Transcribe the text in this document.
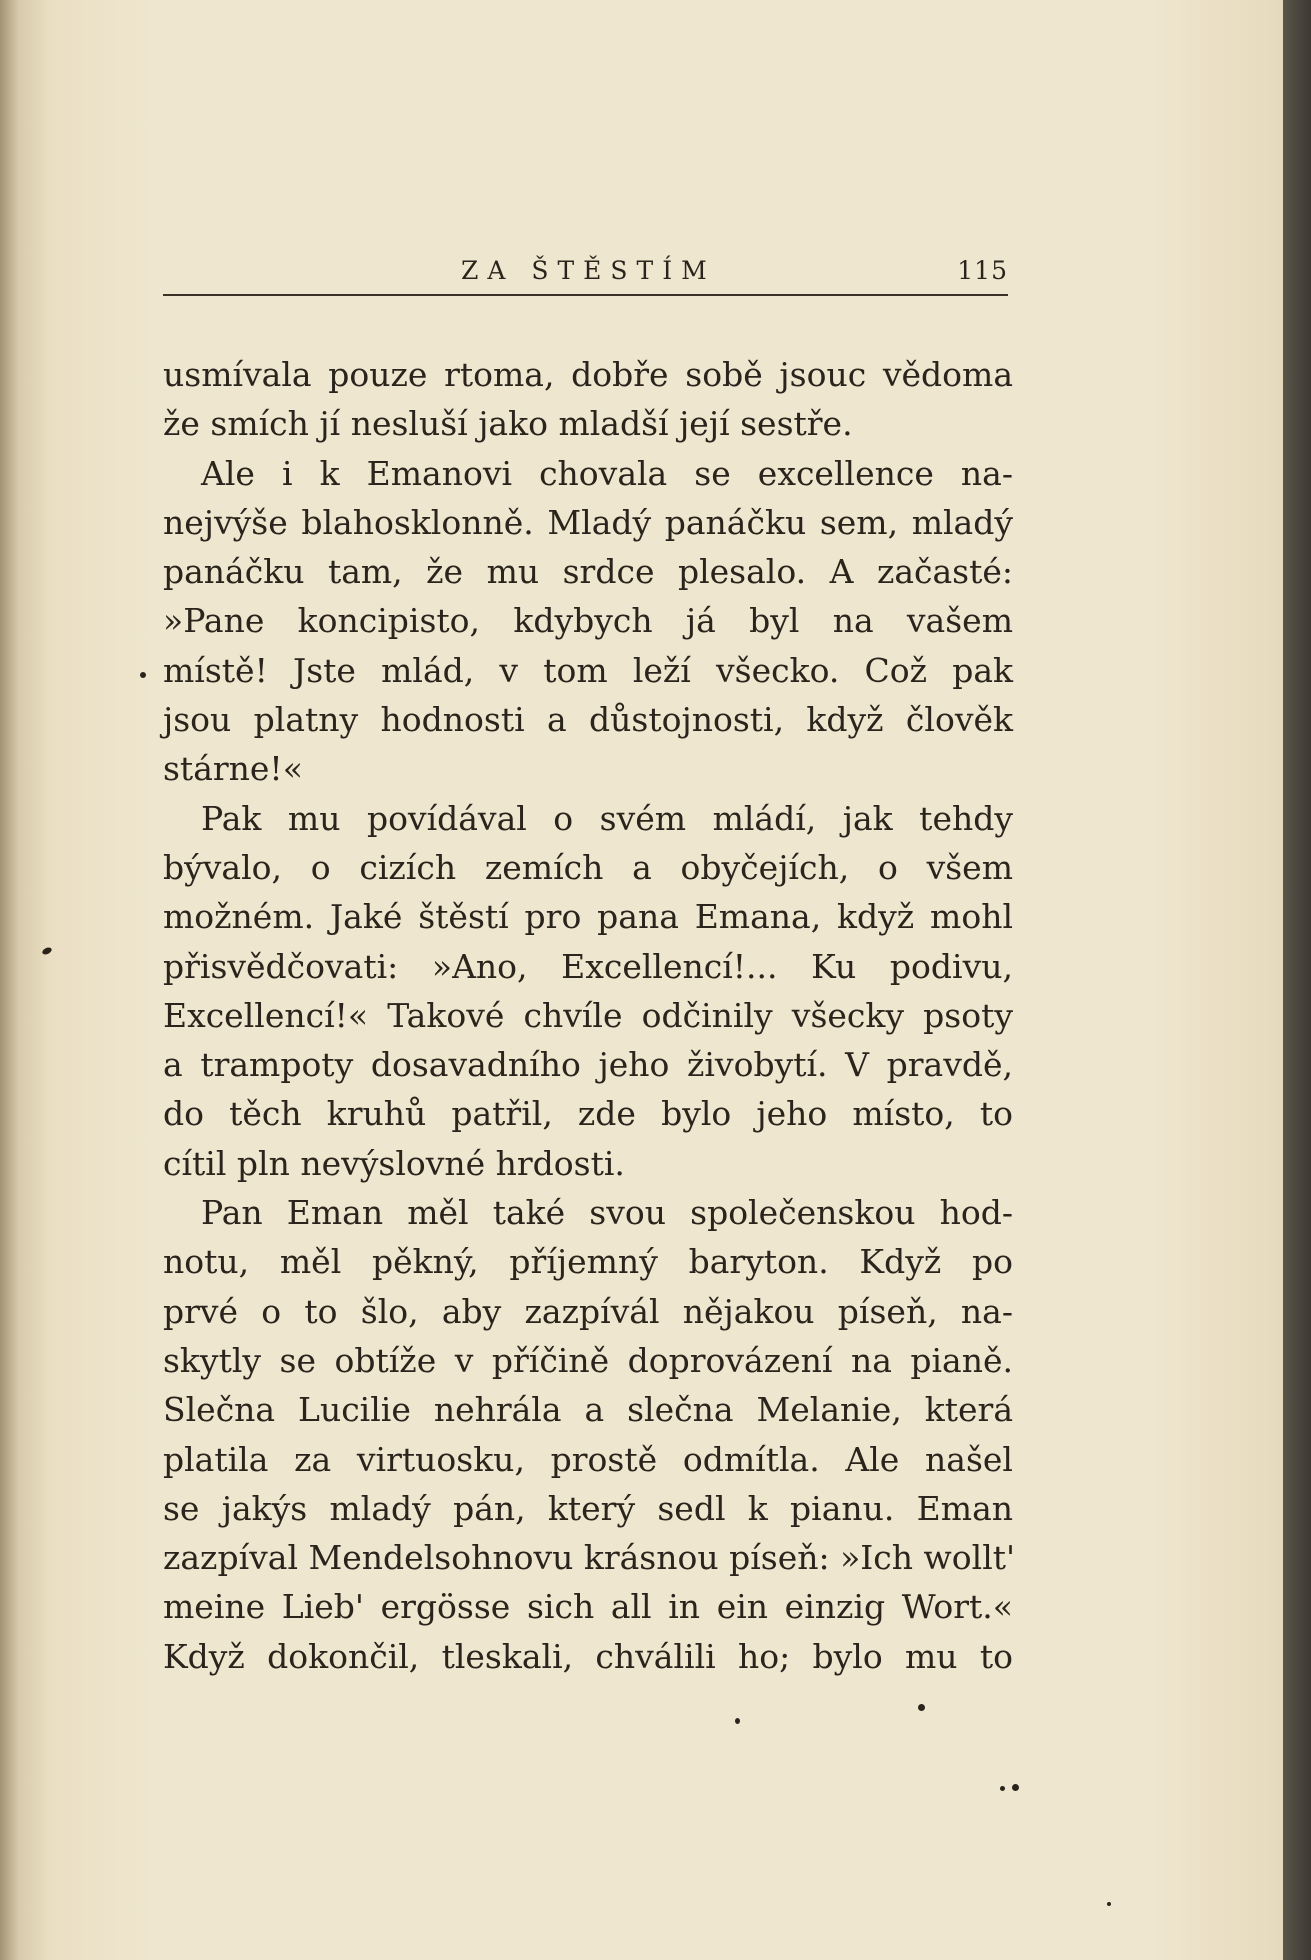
ZA ŠTĚSTÍM	115
usmívala pouze rtoma, dobře sobě jsouc vědoma
že smích jí nesluší jako mladší její sestře.
Ale i k Emanovi chovala se excellence na-
nejvýše blahosklonně. Mladý panáčku sem, mladý
panáčku tam, že mu srdce plesalo. A začasté:
»Pane koncipisto, kdybych já byl na vašem
místě! Jste mlád, v tom leží všecko. Což pak
jsou platny hodnosti a důstojnosti, když člověk
stárne!«
Pak mu povídával o svém mládí, jak tehdy
bývalo, o cizích zemích a obyčejích, o všem
možném. Jaké štěstí pro pana Emana, když mohl
přisvědčovati: »Ano, Excellencí!... Ku podivu,
Excellencí!« Takové chvíle odčinily všecky psoty
a trampoty dosavadního jeho živobytí. V pravdě,
do těch kruhů patřil, zde bylo jeho místo, to
cítil pln nevýslovné hrdosti.
Pan Eman měl také svou společenskou hod-
notu, měl pěkný, příjemný baryton. Když po
prvé o to šlo, aby zazpívál nějakou píseň, na-
skytly se obtíže v příčině doprovázení na pianě.
Slečna Lucilie nehrála a slečna Melanie, která
platila za virtuosku, prostě odmítla. Ale našel
se jakýs mladý pán, který sedl k pianu. Eman
zazpíval Mendelsohnovu krásnou píseň: »Ich wollt'
meine Lieb' ergösse sich all in ein einzig Wort.«
Když dokončil, tleskali, chválili ho; bylo mu to
